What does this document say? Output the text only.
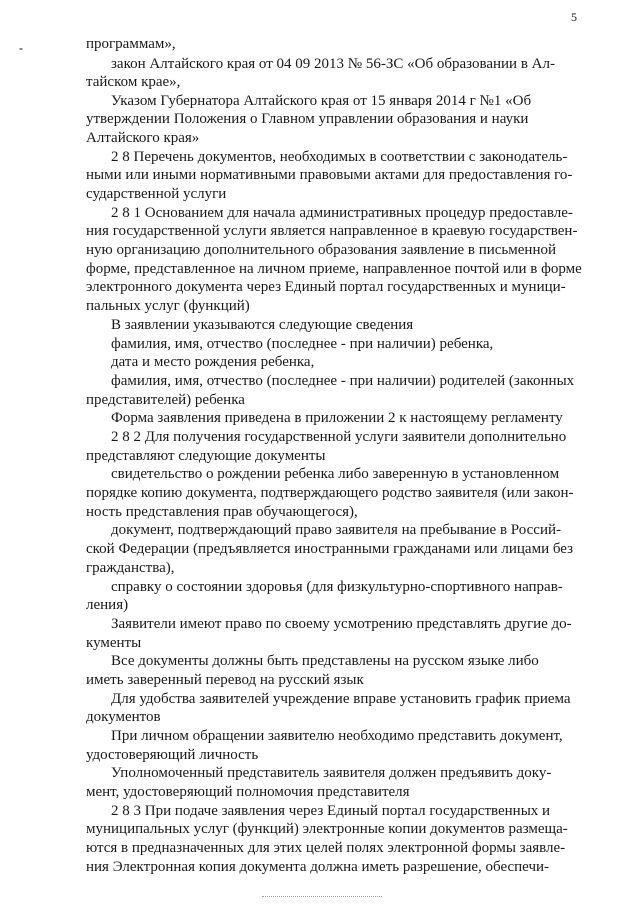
5
-	программам»,
закон Алтайского края от 04 09 2013 № 56-ЗС «Об образовании в Ал-
тайском крае»,
Указом Губернатора Алтайского края от 15 января 2014 г №1 «Об
утверждении Положения о Главном управлении образования и науки
Алтайского края»
2 8 Перечень документов, необходимых в соответствии с законодатель-
ными или иными нормативными правовыми актами для предоставления го-
сударственной услуги
2 8 1 Основанием для начала административных процедур предоставле-
ния государственной услуги является направленное в краевую государствен-
ную организацию дополнительного образования заявление в письменной
форме, представленное на личном приеме, направленное почтой или в форме
электронного документа через Единый портал государственных и муници-
пальных услуг (функций)
В заявлении указываются следующие сведения
фамилия, имя, отчество (последнее - при наличии) ребенка,
дата и место рождения ребенка,
фамилия, имя, отчество (последнее - при наличии) родителей (законных
представителей) ребенка
Форма заявления приведена в приложении 2 к настоящему регламенту
2 8 2 Для получения государственной услуги заявители дополнительно
представляют следующие документы
свидетельство о рождении ребенка либо заверенную в установленном
порядке копию документа, подтверждающего родство заявителя (или закон-
ность представления прав обучающегося),
документ, подтверждающий право заявителя на пребывание в Россий-
ской Федерации (предъявляется иностранными гражданами или лицами без
гражданства),
справку о состоянии здоровья (для физкультурно-спортивного направ-
ления)
Заявители имеют право по своему усмотрению представлять другие до-
кументы
Все документы должны быть представлены на русском языке либо
иметь заверенный перевод на русский язык
Для удобства заявителей учреждение вправе установить график приема
документов
При личном обращении заявителю необходимо представить документ,
удостоверяющий личность
Уполномоченный представитель заявителя должен предъявить доку-
мент, удостоверяющий полномочия представителя
2 8 3 При подаче заявления через Единый портал государственных и
муниципальных услуг (функций) электронные копии документов размеща-
ются в предназначенных для этих целей полях электронной формы заявле-
ния Электронная копия документа должна иметь разрешение, обеспечи-
